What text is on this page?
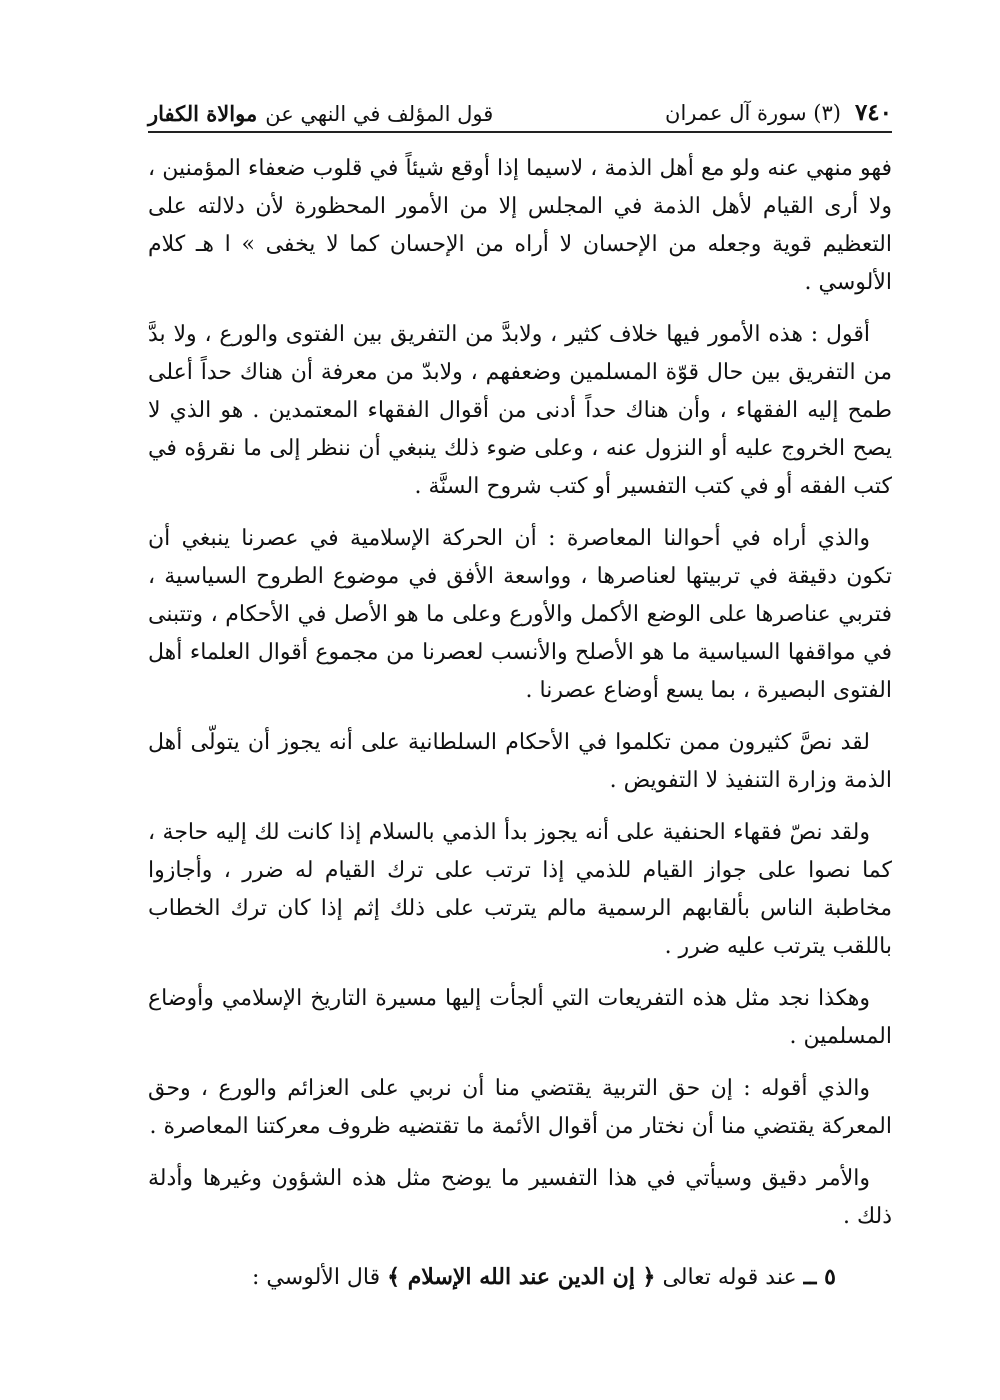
٧٤٠
(٣) سورة آل عمران
قول المؤلف في النهي عن
موالاة الكفار

فهو منهي عنه ولو مع أهل الذمة ، لاسيما إذا أوقع شيئاً في قلوب ضعفاء المؤمنين ، ولا أرى القيام لأهل الذمة في المجلس إلا من الأمور المحظورة لأن دلالته على التعظيم قوية وجعله من الإحسان لا أراه من الإحسان كما لا يخفى » ا هـ كلام الألوسي .

أقول : هذه الأمور فيها خلاف كثير ، ولابدَّ من التفريق بين الفتوى والورع ، ولا بدَّ من التفريق بين حال قوّة المسلمين وضعفهم ، ولابدّ من معرفة أن هناك حداً أعلى طمح إليه الفقهاء ، وأن هناك حداً أدنى من أقوال الفقهاء المعتمدين . هو الذي لا يصح الخروج عليه أو النزول عنه ، وعلى ضوء ذلك ينبغي أن ننظر إلى ما نقرؤه في كتب الفقه أو في كتب التفسير أو كتب شروح السنَّة .

والذي أراه في أحوالنا المعاصرة : أن الحركة الإسلامية في عصرنا ينبغي أن تكون دقيقة في تربيتها لعناصرها ، وواسعة الأفق في موضوع الطروح السياسية ، فتربي عناصرها على الوضع الأكمل والأورع وعلى ما هو الأصل في الأحكام ، وتتبنى في مواقفها السياسية ما هو الأصلح والأنسب لعصرنا من مجموع أقوال العلماء أهل الفتوى البصيرة ، بما يسع أوضاع عصرنا .

لقد نصَّ كثيرون ممن تكلموا في الأحكام السلطانية على أنه يجوز أن يتولّى أهل الذمة وزارة التنفيذ لا التفويض .

ولقد نصّ فقهاء الحنفية على أنه يجوز بدأ الذمي بالسلام إذا كانت لك إليه حاجة ، كما نصوا على جواز القيام للذمي إذا ترتب على ترك القيام له ضرر ، وأجازوا مخاطبة الناس بألقابهم الرسمية مالم يترتب على ذلك إثم إذا كان ترك الخطاب باللقب يترتب عليه ضرر .

وهكذا نجد مثل هذه التفريعات التي ألجأت إليها مسيرة التاريخ الإسلامي وأوضاع المسلمين .

والذي أقوله : إن حق التربية يقتضي منا أن نربي على العزائم والورع ، وحق المعركة يقتضي منا أن نختار من أقوال الأئمة ما تقتضيه ظروف معركتنا المعاصرة .

والأمر دقيق وسيأتي في هذا التفسير ما يوضح مثل هذه الشؤون وغيرها وأدلة ذلك .

٥ ــ عند قوله تعالى ﴿ إن الدين عند الله الإسلام ﴾ قال الألوسي :
